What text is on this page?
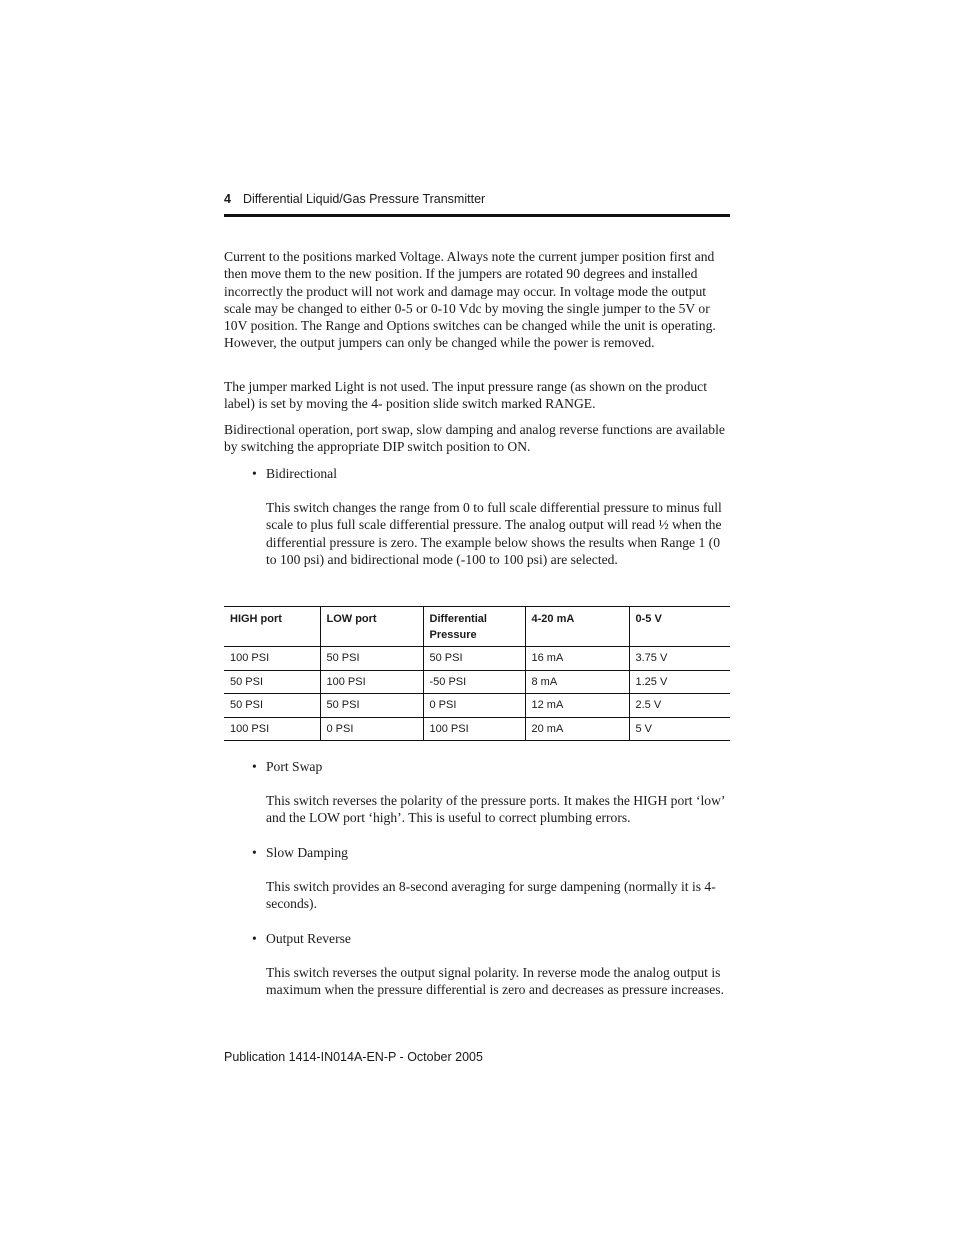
4 Differential Liquid/Gas Pressure Transmitter

Current to the positions marked Voltage. Always note the current jumper position first and then move them to the new position. If the jumpers are rotated 90 degrees and installed incorrectly the product will not work and damage may occur. In voltage mode the output scale may be changed to either 0-5 or 0-10 Vdc by moving the single jumper to the 5V or 10V position. The Range and Options switches can be changed while the unit is operating. However, the output jumpers can only be changed while the power is removed.

The jumper marked Light is not used. The input pressure range (as shown on the product label) is set by moving the 4- position slide switch marked RANGE.

Bidirectional operation, port swap, slow damping and analog reverse functions are available by switching the appropriate DIP switch position to ON.

• Bidirectional

This switch changes the range from 0 to full scale differential pressure to minus full scale to plus full scale differential pressure. The analog output will read ½ when the differential pressure is zero. The example below shows the results when Range 1 (0 to 100 psi) and bidirectional mode (-100 to 100 psi) are selected.

HIGH port	LOW port	Differential Pressure	4-20 mA	0-5 V
100 PSI	50 PSI	50 PSI	16 mA	3.75 V
50 PSI	100 PSI	-50 PSI	8 mA	1.25 V
50 PSI	50 PSI	0 PSI	12 mA	2.5 V
100 PSI	0 PSI	100 PSI	20 mA	5 V
• Port Swap

This switch reverses the polarity of the pressure ports. It makes the HIGH port ‘low’ and the LOW port ‘high’. This is useful to correct plumbing errors.

• Slow Damping

This switch provides an 8-second averaging for surge dampening (normally it is 4-seconds).

• Output Reverse

This switch reverses the output signal polarity. In reverse mode the analog output is maximum when the pressure differential is zero and decreases as pressure increases.

Publication 1414-IN014A-EN-P - October 2005
